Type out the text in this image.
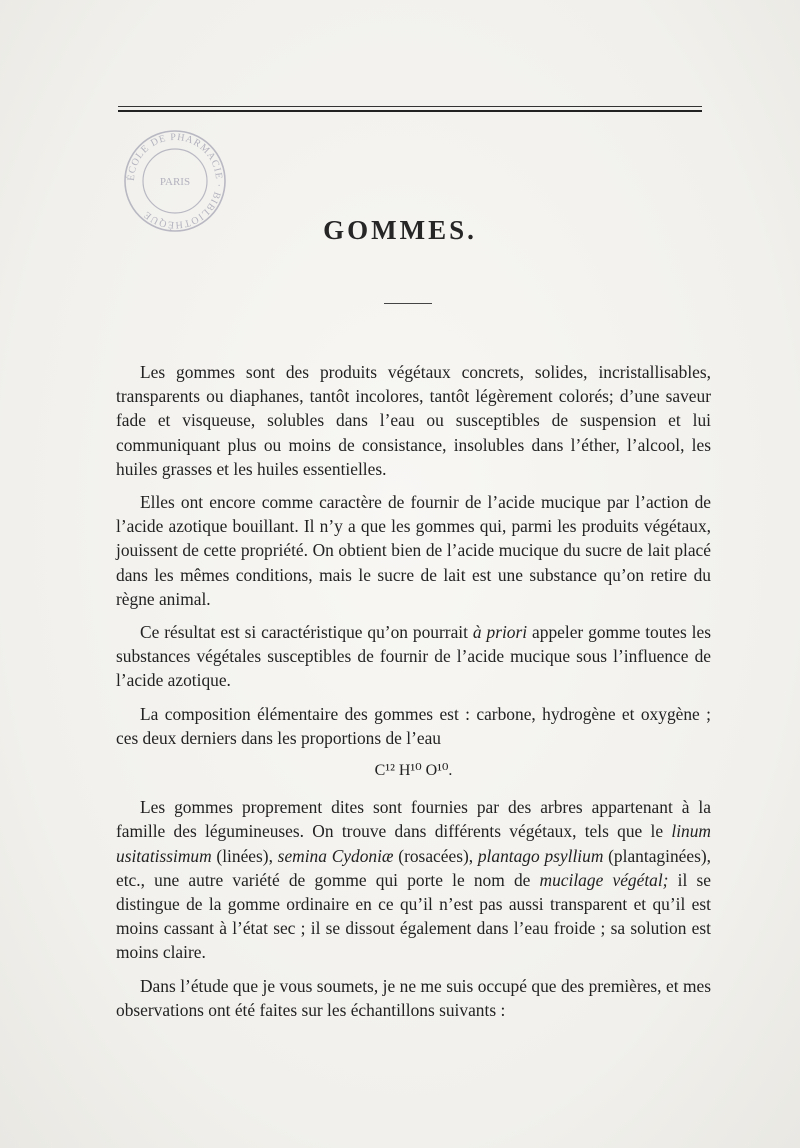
ÉCOLE DE PHARMACIE · BIBLIOTHÈQUE
PARIS
GOMMES.

Les gommes sont des produits végétaux concrets, solides, incristallisables, transparents ou diaphanes, tantôt incolores, tantôt légèrement colorés; d’une saveur fade et visqueuse, solubles dans l’eau ou susceptibles de suspension et lui communiquant plus ou moins de consistance, insolubles dans l’éther, l’alcool, les huiles grasses et les huiles essentielles.

Elles ont encore comme caractère de fournir de l’acide mucique par l’action de l’acide azotique bouillant. Il n’y a que les gommes qui, parmi les produits végétaux, jouissent de cette propriété. On obtient bien de l’acide mucique du sucre de lait placé dans les mêmes conditions, mais le sucre de lait est une substance qu’on retire du règne animal.

Ce résultat est si caractéristique qu’on pourrait à priori appeler gomme toutes les substances végétales susceptibles de fournir de l’acide mucique sous l’influence de l’acide azotique.

La composition élémentaire des gommes est : carbone, hydrogène et oxygène ; ces deux derniers dans les proportions de l’eau

C¹² H¹⁰ O¹⁰.

Les gommes proprement dites sont fournies par des arbres appartenant à la famille des légumineuses. On trouve dans différents végétaux, tels que le linum usitatissimum (linées), semina Cydoniæ (rosacées), plantago psyllium (plantaginées), etc., une autre variété de gomme qui porte le nom de mucilage végétal; il se distingue de la gomme ordinaire en ce qu’il n’est pas aussi transparent et qu’il est moins cassant à l’état sec ; il se dissout également dans l’eau froide ; sa solution est moins claire.

Dans l’étude que je vous soumets, je ne me suis occupé que des premières, et mes observations ont été faites sur les échantillons suivants :
